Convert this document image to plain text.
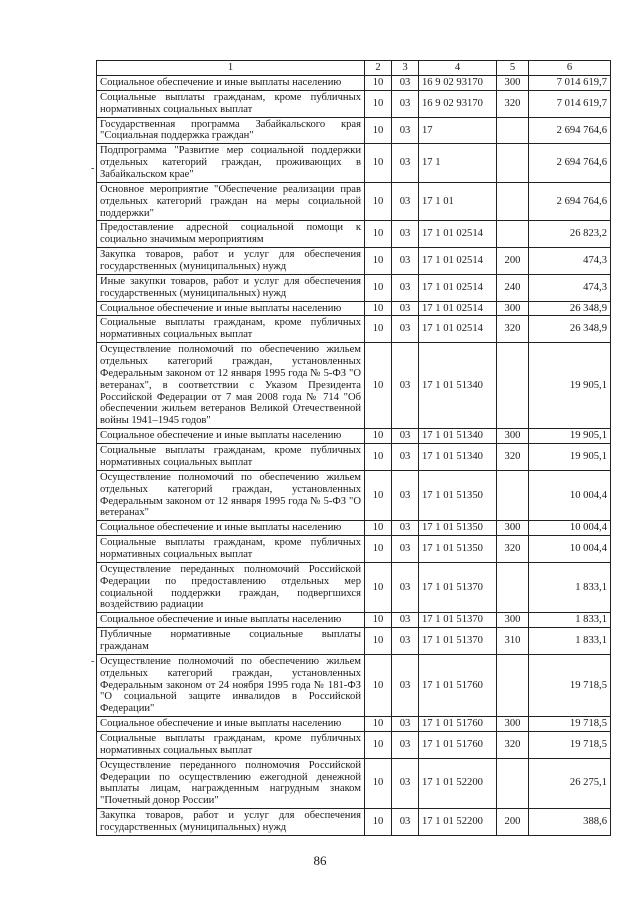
1	2	3	4	5	6
Социальное обеспечение и иные выплаты населению	10	03	16 9 02 93170	300	7 014 619,7
Социальные выплаты гражданам, кроме публичных нормативных социальных выплат	10	03	16 9 02 93170	320	7 014 619,7
Государственная программа Забайкальского края "Социальная поддержка граждан"	10	03	17		2 694 764,6
Подпрограмма "Развитие мер социальной поддержки отдельных категорий граждан, проживающих в Забайкальском крае"	10	03	17 1		2 694 764,6
Основное мероприятие "Обеспечение реализации прав отдельных категорий граждан на меры социальной поддержки"	10	03	17 1 01		2 694 764,6
Предоставление адресной социальной помощи к социально значимым мероприятиям	10	03	17 1 01 02514		26 823,2
Закупка товаров, работ и услуг для обеспечения государственных (муниципальных) нужд	10	03	17 1 01 02514	200	474,3
Иные закупки товаров, работ и услуг для обеспечения государственных (муниципальных) нужд	10	03	17 1 01 02514	240	474,3
Социальное обеспечение и иные выплаты населению	10	03	17 1 01 02514	300	26 348,9
Социальные выплаты гражданам, кроме публичных нормативных социальных выплат	10	03	17 1 01 02514	320	26 348,9
Осуществление полномочий по обеспечению жильем отдельных категорий граждан, установленных Федеральным законом от 12 января 1995 года № 5-ФЗ "О ветеранах", в соответствии с Указом Президента Российской Федерации от 7 мая 2008 года № 714 "Об обеспечении жильем ветеранов Великой Отечественной войны 1941–1945 годов"	10	03	17 1 01 51340		19 905,1
Социальное обеспечение и иные выплаты населению	10	03	17 1 01 51340	300	19 905,1
Социальные выплаты гражданам, кроме публичных нормативных социальных выплат	10	03	17 1 01 51340	320	19 905,1
Осуществление полномочий по обеспечению жильем отдельных категорий граждан, установленных Федеральным законом от 12 января 1995 года № 5-ФЗ "О ветеранах"	10	03	17 1 01 51350		10 004,4
Социальное обеспечение и иные выплаты населению	10	03	17 1 01 51350	300	10 004,4
Социальные выплаты гражданам, кроме публичных нормативных социальных выплат	10	03	17 1 01 51350	320	10 004,4
Осуществление переданных полномочий Российской Федерации по предоставлению отдельных мер социальной поддержки граждан, подвергшихся воздействию радиации	10	03	17 1 01 51370		1 833,1
Социальное обеспечение и иные выплаты населению	10	03	17 1 01 51370	300	1 833,1
Публичные нормативные социальные выплаты гражданам	10	03	17 1 01 51370	310	1 833,1
Осуществление полномочий по обеспечению жильем отдельных категорий граждан, установленных Федеральным законом от 24 ноября 1995 года № 181-ФЗ "О социальной защите инвалидов в Российской Федерации"	10	03	17 1 01 51760		19 718,5
Социальное обеспечение и иные выплаты населению	10	03	17 1 01 51760	300	19 718,5
Социальные выплаты гражданам, кроме публичных нормативных социальных выплат	10	03	17 1 01 51760	320	19 718,5
Осуществление переданного полномочия Российской Федерации по осуществлению ежегодной денежной выплаты лицам, награжденным нагрудным знаком "Почетный донор России"	10	03	17 1 01 52200		26 275,1
Закупка товаров, работ и услуг для обеспечения государственных (муниципальных) нужд	10	03	17 1 01 52200	200	388,6
-
-
86
